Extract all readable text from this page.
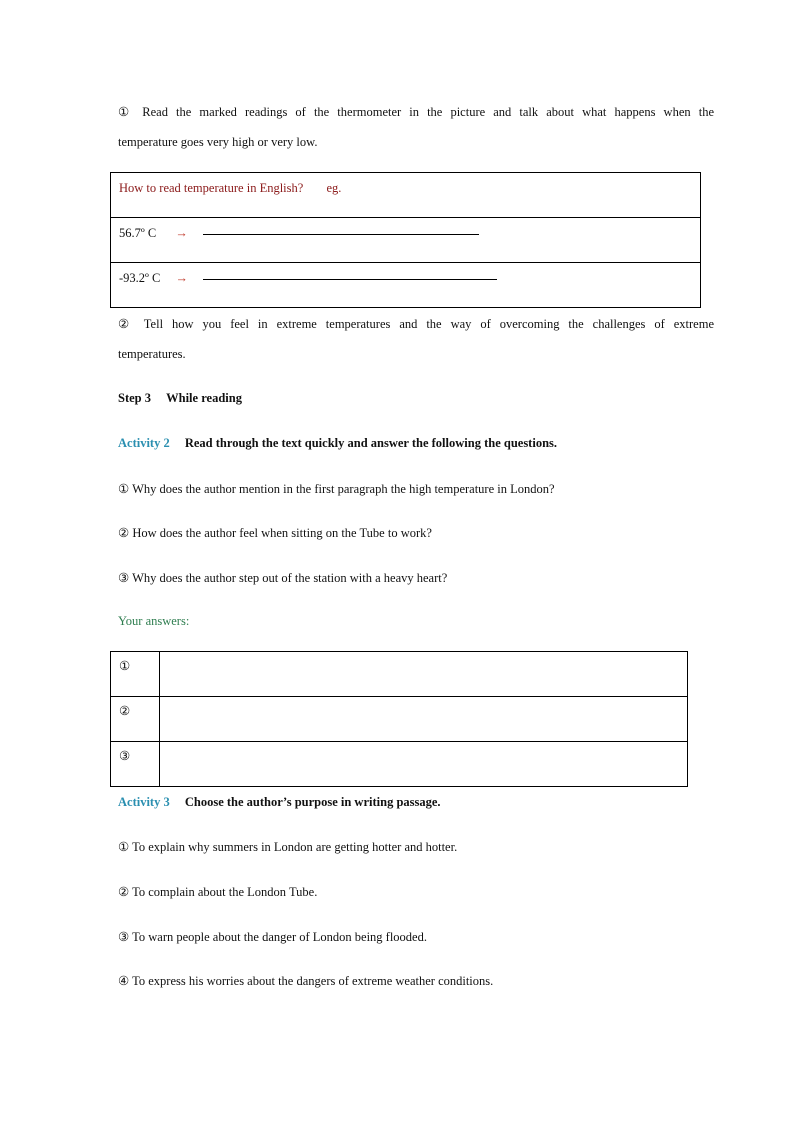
① Read the marked readings of the thermometer in the picture and talk about what happens when the
temperature goes very high or very low.
How to read temperature in English? eg.
56.7º C →
-93.2º C →
② Tell how you feel in extreme temperatures and the way of overcoming the challenges of extreme
temperatures.
Step 3 While reading
Activity 2 Read through the text quickly and answer the following the questions.
① Why does the author mention in the first paragraph the high temperature in London?
② How does the author feel when sitting on the Tube to work?
③ Why does the author step out of the station with a heavy heart?
Your answers:
①	
②	
③	
Activity 3 Choose the author’s purpose in writing passage.
① To explain why summers in London are getting hotter and hotter.
② To complain about the London Tube.
③ To warn people about the danger of London being flooded.
④ To express his worries about the dangers of extreme weather conditions.
